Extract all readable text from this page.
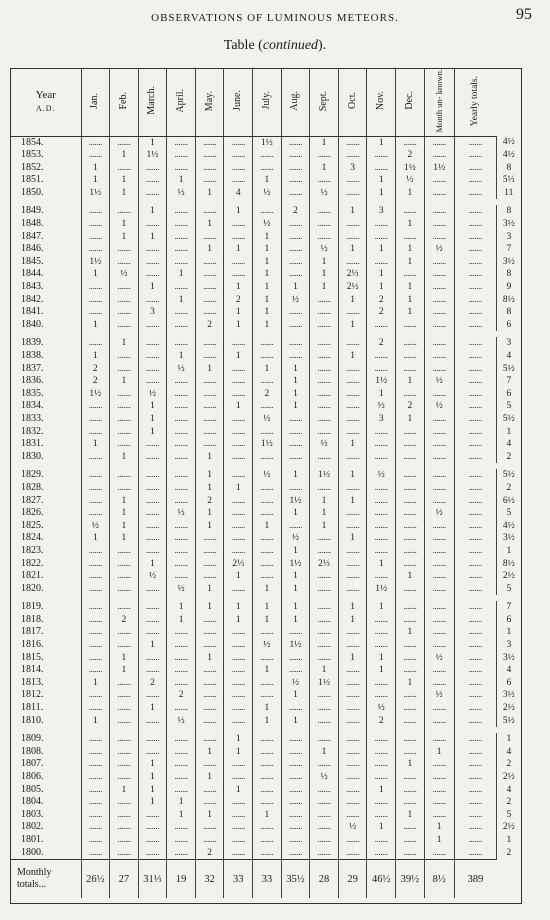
OBSERVATIONS OF LUMINOUS METEORS.	95
Table (continued).
Year
A.D.	Jan.	Feb.	March.	April.	May.	June.	July.	Aug.	Sept.	Oct.	Nov.	Dec.	Month un- known.	Yearly totals.	
1854.	.......	.......	1	.......	.......	.......	1½	.......	1	.......	1	.......	.......	.......	4½
1853.	.......	1	1½	.......	.......	.......	.......	.......	.......	.......	.......	2	.......	.......	4½
1852.	1	.......	.......	.......	.......	.......	.......	.......	1	3	.......	1½	1½	.......	8
1851.	1	1	.......	1	.......	.......	1	.......	.......	.......	1	⅓	.......	.......	5⅓
1850.	1½	1	.......	½	1	4	½	.......	½	.......	1	1	.......	.......	11

1849.	.......	.......	1	.......	.......	1	.......	2	.......	1	3	.......	.......	.......	8
1848.	.......	1	.......	.......	1	.......	½	.......	.......	.......	.......	1	.......	.......	3½
1847.	.......	1	1	.......	.......	.......	1	.......	.......	.......	.......	.......	.......	.......	3
1846.	.......	.......	.......	.......	1	1	1	.......	½	1	1	1	½	.......	7
1845.	1½	.......	.......	.......	.......	.......	1	.......	1	.......	.......	1	.......	.......	3½
1844.	1	½	.......	1	.......	.......	1	.......	1	2⅓	1	.......	.......	.......	8
1843.	.......	.......	1	.......	.......	1	1	1	1	2½	1	1	.......	.......	9
1842.	.......	.......	.......	1	.......	2	1	½	.......	1	2	1	.......	.......	8½
1841.	.......	.......	3	.......	.......	1	1	.......	.......	.......	2	1	.......	.......	8
1840.	1	.......	.......	.......	2	1	1	.......	.......	1	.......	.......	.......	.......	6

1839.	.......	1	.......	.......	.......	.......	.......	.......	.......	.......	2	.......	.......	.......	3
1838.	1	.......	.......	1	.......	1	.......	.......	.......	1	.......	.......	.......	.......	4
1837.	2	.......	.......	½	1	.......	1	1	.......	.......	.......	.......	.......	.......	5½
1836.	2	1	.......	.......	.......	.......	.......	1	.......	.......	1½	1	½	.......	7
1835.	1½	.......	½	.......	.......	.......	2	1	.......	.......	1	.......	.......	.......	6
1834.	.......	.......	1	.......	.......	1	.......	1	.......	.......	½	2	½	.......	5
1833.	.......	.......	1	.......	.......	.......	½	.......	.......	.......	3	1	.......	.......	5½
1832.	.......	.......	1	.......	.......	.......	.......	.......	.......	.......	.......	.......	.......	.......	1
1831.	1	.......	.......	.......	.......	.......	1½	.......	½	1	.......	.......	.......	.......	4
1830.	.......	1	.......	.......	1	.......	.......	.......	.......	.......	.......	.......	.......	.......	2

1829.	.......	.......	.......	.......	1	.......	½	1	1½	1	½	.......	.......	.......	5½
1828.	.......	.......	.......	.......	1	1	.......	.......	.......	.......	.......	.......	.......	.......	2
1827.	.......	1	.......	.......	2	.......	.......	1½	1	1	.......	.......	.......	.......	6½
1826.	.......	1	.......	½	1	.......	.......	1	1	.......	.......	.......	½	.......	5
1825.	½	1	.......	.......	1	.......	1	.......	1	.......	.......	.......	.......	.......	4½
1824.	1	1	.......	.......	.......	.......	.......	½	.......	1	.......	.......	.......	.......	3½
1823.	.......	.......	.......	.......	.......	.......	.......	1	.......	.......	.......	.......	.......	.......	1
1822.	.......	.......	1	.......	.......	2⅓	.......	1½	2⅓	.......	1	.......	.......	.......	8½
1821.	.......	.......	½	.......	.......	1	.......	1	.......	.......	.......	1	.......	.......	2½
1820.	.......	.......	.......	½	1	.......	1	1	.......	.......	1½	.......	.......	.......	5

1819.	.......	.......	.......	1	1	1	1	1	.......	1	1	.......	.......	.......	7
1818.	.......	2	.......	1	.......	1	1	1	.......	1	.......	.......	.......	.......	6
1817.	.......	.......	.......	.......	.......	.......	.......	.......	.......	.......	.......	1	.......	.......	1
1816.	.......	.......	1	.......	.......	.......	½	1½	.......	.......	.......	.......	.......	.......	3
1815.	.......	1	.......	.......	1	.......	.......	.......	.......	1	1	.......	½	.......	3½
1814.	.......	1	.......	.......	.......	.......	1	.......	1	.......	1	.......	.......	.......	4
1813.	1	.......	2	.......	.......	.......	.......	½	1½	.......	.......	1	.......	.......	6
1812.	.......	.......	.......	2	.......	.......	.......	1	.......	.......	.......	.......	½	.......	3½
1811.	.......	.......	1	.......	.......	.......	1	.......	.......	.......	½	.......	.......	.......	2½
1810.	1	.......	.......	½	.......	.......	1	1	.......	.......	2	.......	.......	.......	5½

1809.	.......	.......	.......	.......	.......	1	.......	.......	.......	.......	.......	.......	.......	.......	1
1808.	.......	.......	.......	.......	1	1	.......	.......	1	.......	.......	.......	1	.......	4
1807.	.......	.......	1	.......	.......	.......	.......	.......	.......	.......	.......	1	.......	.......	2
1806.	.......	.......	1	.......	1	.......	.......	.......	½	.......	.......	.......	.......	.......	2½
1805.	.......	1	1	.......	.......	1	.......	.......	.......	.......	1	.......	.......	.......	4
1804.	.......	.......	1	1	.......	.......	.......	.......	.......	.......	.......	.......	.......	.......	2
1803.	.......	.......	.......	1	1	.......	1	.......	.......	.......	.......	1	.......	.......	5
1802.	.......	.......	.......	.......	.......	.......	.......	.......	.......	½	1	.......	1	.......	2½
1801.	.......	.......	.......	.......	.......	.......	.......	.......	.......	.......	.......	.......	1	.......	1
1800.	.......	.......	.......	.......	2	.......	.......	.......	.......	.......	.......	.......	.......	.......	2
Monthly
totals...	26½	27	31⅓	19	32	33	33	35½	28	29	46½	39½	8½	389	
